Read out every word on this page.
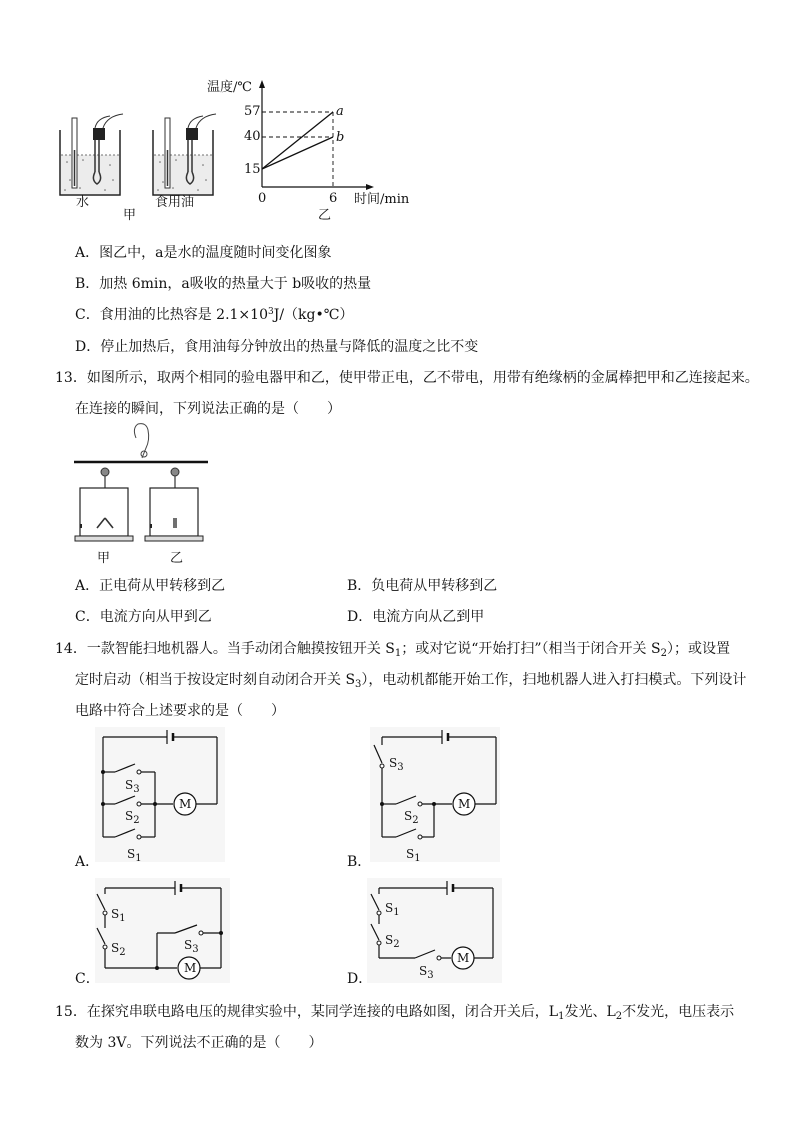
水	食用油
甲
温度/℃
57
40
15
0	6 时间/min
a
b
乙
A．图乙中，a是水的温度随时间变化图象
B．加热 6min，a吸收的热量大于 b吸收的热量
C．食用油的比热容是 $2.1\times 10^3J/(kg•℃)$
D．停止加热后，食用油每分钟放出的热量与降低的温度之比不变
13．如图所示，取两个相同的验电器甲和乙，使甲带正电，乙不带电，用带有绝缘柄的金属棒把甲和乙连接起来。
在连接的瞬间，下列说法正确的是（　　）
甲	乙
A．正电荷从甲转移到乙	B．负电荷从甲转移到乙
C．电流方向从甲到乙	D．电流方向从乙到甲
14．一款智能扫地机器人。当手动闭合触摸按钮开关 $S_1$；或对它说“开始打扫”（相当于闭合开关 $S_2$）；或设置
定时启动（相当于按设定时刻自动闭合开关 $S_3$），电动机都能开始工作，扫地机器人进入打扫模式。下列设计
电路中符合上述要求的是（　　）
M
$S_3$
$S_2$
$S_1$
A．
M
$S_3$
$S_2$
$S_1$
B．
M
$S_1$
$S_2$
$S_3$
C．
M
$S_1$
$S_2$
$S_3$
D．
15．在探究串联电路电压的规律实验中，某同学连接的电路如图，闭合开关后，$L_1$发光、$L_2$不发光，电压表示
数为 3V。下列说法不正确的是（　　）
